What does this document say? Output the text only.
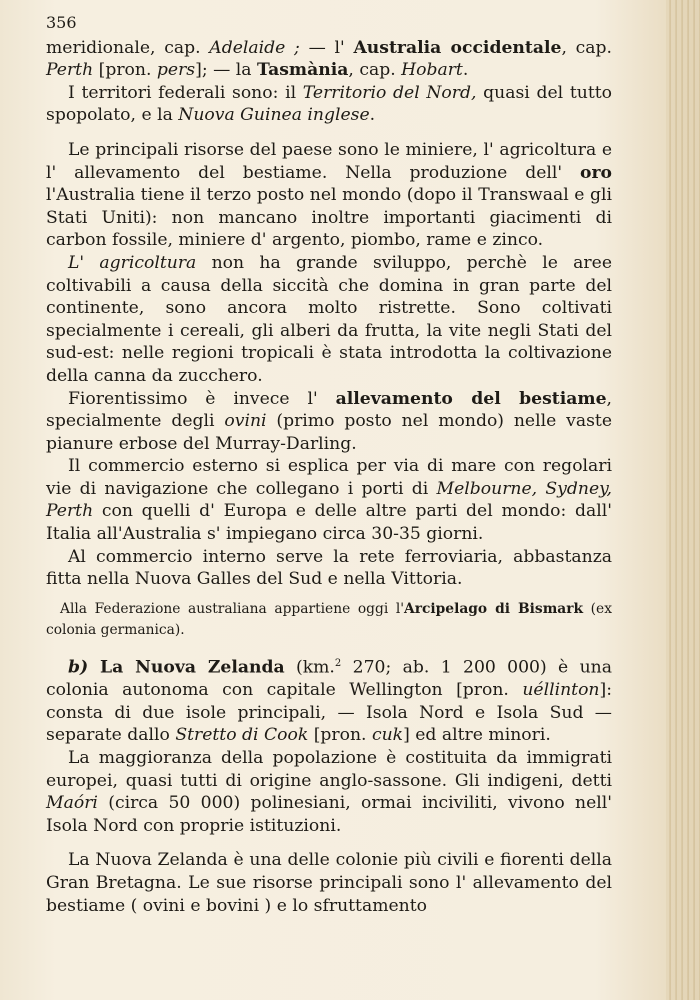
356

meridionale, cap. Adelaide ; — l' Australia occidentale, cap. Perth [pron. pers]; — la Tasmània, cap. Hobart.

I territori federali sono: il Territorio del Nord, quasi del tutto spopolato, e la Nuova Guinea inglese.

Le principali risorse del paese sono le miniere, l' agricoltura e l' allevamento del bestiame. Nella produzione dell' oro l'Australia tiene il terzo posto nel mondo (dopo il Transwaal e gli Stati Uniti): non mancano inoltre importanti giacimenti di carbon fossile, miniere d' argento, piombo, rame e zinco.

L' agricoltura non ha grande sviluppo, perchè le aree coltivabili a causa della siccità che domina in gran parte del continente, sono ancora molto ristrette. Sono coltivati specialmente i cereali, gli alberi da frutta, la vite negli Stati del sud-est: nelle regioni tropicali è stata introdotta la coltivazione della canna da zucchero.

Fiorentissimo è invece l' allevamento del bestiame, specialmente degli ovini (primo posto nel mondo) nelle vaste pianure erbose del Murray-Darling.

Il commercio esterno si esplica per via di mare con regolari vie di navigazione che collegano i porti di Melbourne, Sydney, Perth con quelli d' Europa e delle altre parti del mondo: dall' Italia all'Australia s' impiegano circa 30-35 giorni.

Al commercio interno serve la rete ferroviaria, abbastanza fitta nella Nuova Galles del Sud e nella Vittoria.

Alla Federazione australiana appartiene oggi l'Arcipelago di Bismark (ex colonia germanica).

b) La Nuova Zelanda (km.$^2$ 270; ab. 1 200 000) è una colonia autonoma con capitale Wellington [pron. uéllinton]: consta di due isole principali, — Isola Nord e Isola Sud — separate dallo Stretto di Cook [pron. cuk] ed altre minori.

La maggioranza della popolazione è costituita da immigrati europei, quasi tutti di origine anglo-sassone. Gli indigeni, detti Maóri (circa 50 000) polinesiani, ormai inciviliti, vivono nell' Isola Nord con proprie istituzioni.

La Nuova Zelanda è una delle colonie più civili e fiorenti della Gran Bretagna. Le sue risorse principali sono l' allevamento del bestiame ( ovini e bovini ) e lo sfruttamento
